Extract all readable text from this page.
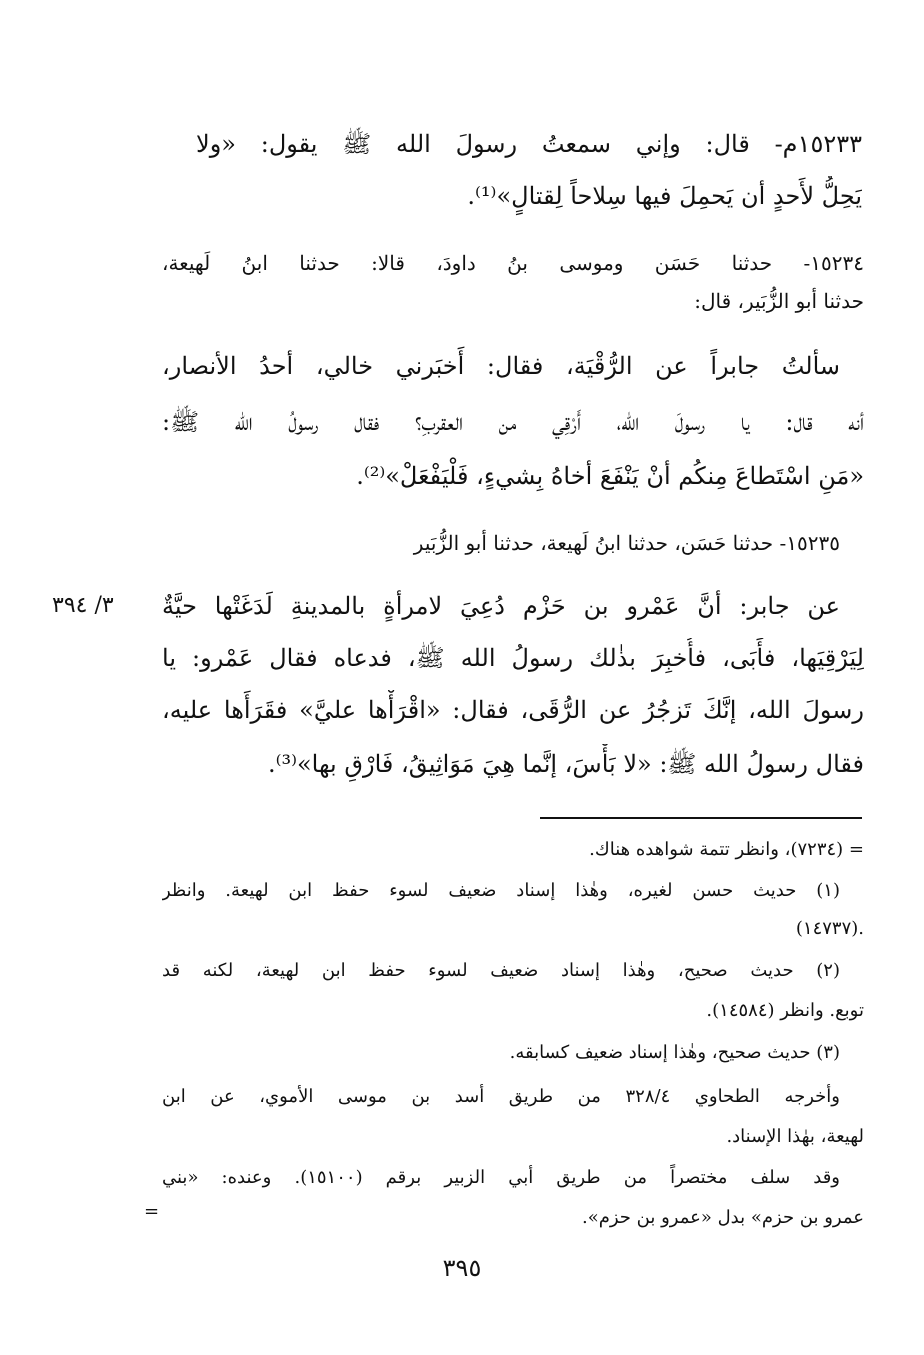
١٥٢٣٣م- قال: وإني سمعتُ رسولَ الله ﷺ يقول: «ولا
يَحِلُّ لأَحدٍ أن يَحمِلَ فيها سِلاحاً لِقتالٍ»⁽¹⁾.
١٥٢٣٤- حدثنا حَسَن وموسى بنُ داودَ، قالا: حدثنا ابنُ لَهيعة،
حدثنا أبو الزُّبَير، قال:
سألتُ جابراً عن الرُّقْيَة، فقال: أَخبَرني خالي، أحدُ الأنصار،
أنه قال: يا رسولَ الله، أَرْقِي من العقربِ؟ فقال رسولُ الله ﷺ:
«مَنِ اسْتَطاعَ مِنكُم أنْ يَنْفَعَ أخاهُ بِشيءٍ، فَلْيَفْعَلْ»⁽²⁾.
١٥٢٣٥- حدثنا حَسَن، حدثنا ابنُ لَهيعة، حدثنا أبو الزُّبَير
٣/ ٣٩٤ عن جابر: أنَّ عَمْرو بن حَزْم دُعِيَ لامرأةٍ بالمدينةِ لَدَغَتْها حيَّةٌ
لِيَرْقِيَها، فأَبَى، فأُخبِرَ بذٰلك رسولُ الله ﷺ، فدعاه فقال عَمْرو: يا
رسولَ الله، إنَّكَ تَزجُرُ عن الرُّقَى، فقال: «اقْرَأْها عليَّ» فقَرَأَها عليه،
فقال رسولُ الله ﷺ: «لا بَأْسَ، إنَّما هِيَ مَوَاثِيقُ، فَارْقِ بها»⁽³⁾.
= (٧٢٣٤)، وانظر تتمة شواهده هناك.
(١) حديث حسن لغيره، وهٰذا إسناد ضعيف لسوء حفظ ابن لهيعة. وانظر
(١٤٧٣٧).
(٢) حديث صحيح، وهٰذا إسناد ضعيف لسوء حفظ ابن لهيعة، لكنه قد
توبع. وانظر (١٤٥٨٤).
(٣) حديث صحيح، وهٰذا إسناد ضعيف كسابقه.
وأخرجه الطحاوي ٣٢٨/٤ من طريق أسد بن موسى الأموي، عن ابن
لهيعة، بهٰذا الإسناد.
وقد سلف مختصراً من طريق أبي الزبير برقم (١٥١٠٠). وعنده: «بني
عمرو بن حزم» بدل «عمرو بن حزم».
=
٣٩٥
